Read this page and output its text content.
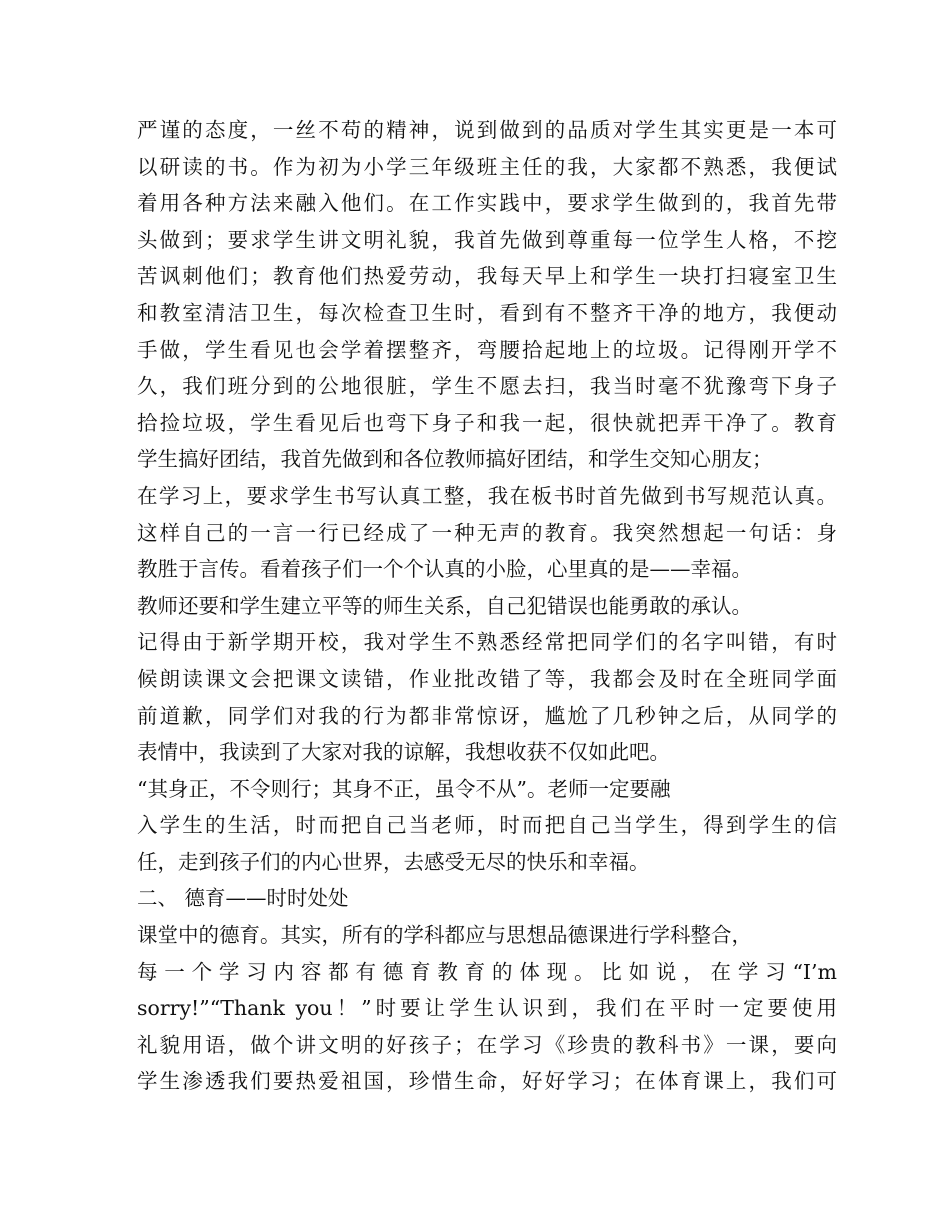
严谨的态度，一丝不苟的精神，说到做到的品质对学生其实更是一本可
以研读的书。作为初为小学三年级班主任的我，大家都不熟悉，我便试
着用各种方法来融入他们。在工作实践中，要求学生做到的，我首先带
头做到；要求学生讲文明礼貌，我首先做到尊重每一位学生人格，不挖
苦讽刺他们；教育他们热爱劳动，我每天早上和学生一块打扫寝室卫生
和教室清洁卫生，每次检查卫生时，看到有不整齐干净的地方，我便动
手做，学生看见也会学着摆整齐，弯腰拾起地上的垃圾。记得刚开学不
久，我们班分到的公地很脏，学生不愿去扫，我当时毫不犹豫弯下身子
拾捡垃圾，学生看见后也弯下身子和我一起，很快就把弄干净了。教育
学生搞好团结，我首先做到和各位教师搞好团结，和学生交知心朋友；
在学习上，要求学生书写认真工整，我在板书时首先做到书写规范认真。
这样自己的一言一行已经成了一种无声的教育。我突然想起一句话：身
教胜于言传。看着孩子们一个个认真的小脸，心里真的是——幸福。
教师还要和学生建立平等的师生关系，自己犯错误也能勇敢的承认。
记得由于新学期开校，我对学生不熟悉经常把同学们的名字叫错，有时
候朗读课文会把课文读错，作业批改错了等，我都会及时在全班同学面
前道歉，同学们对我的行为都非常惊讶，尴尬了几秒钟之后，从同学的
表情中，我读到了大家对我的谅解，我想收获不仅如此吧。
“其身正，不令则行；其身不正，虽令不从”。老师一定要融
入学生的生活，时而把自己当老师，时而把自己当学生，得到学生的信
任，走到孩子们的内心世界，去感受无尽的快乐和幸福。
二、 德育——时时处处
课堂中的德育。其实，所有的学科都应与思想品德课进行学科整合，
每一个学习内容都有德育教育的体现。比如说，在学习“I’m
sorry!”“Thank you！”时要让学生认识到，我们在平时一定要使用
礼貌用语，做个讲文明的好孩子；在学习《珍贵的教科书》一课，要向
学生渗透我们要热爱祖国，珍惜生命，好好学习；在体育课上，我们可
